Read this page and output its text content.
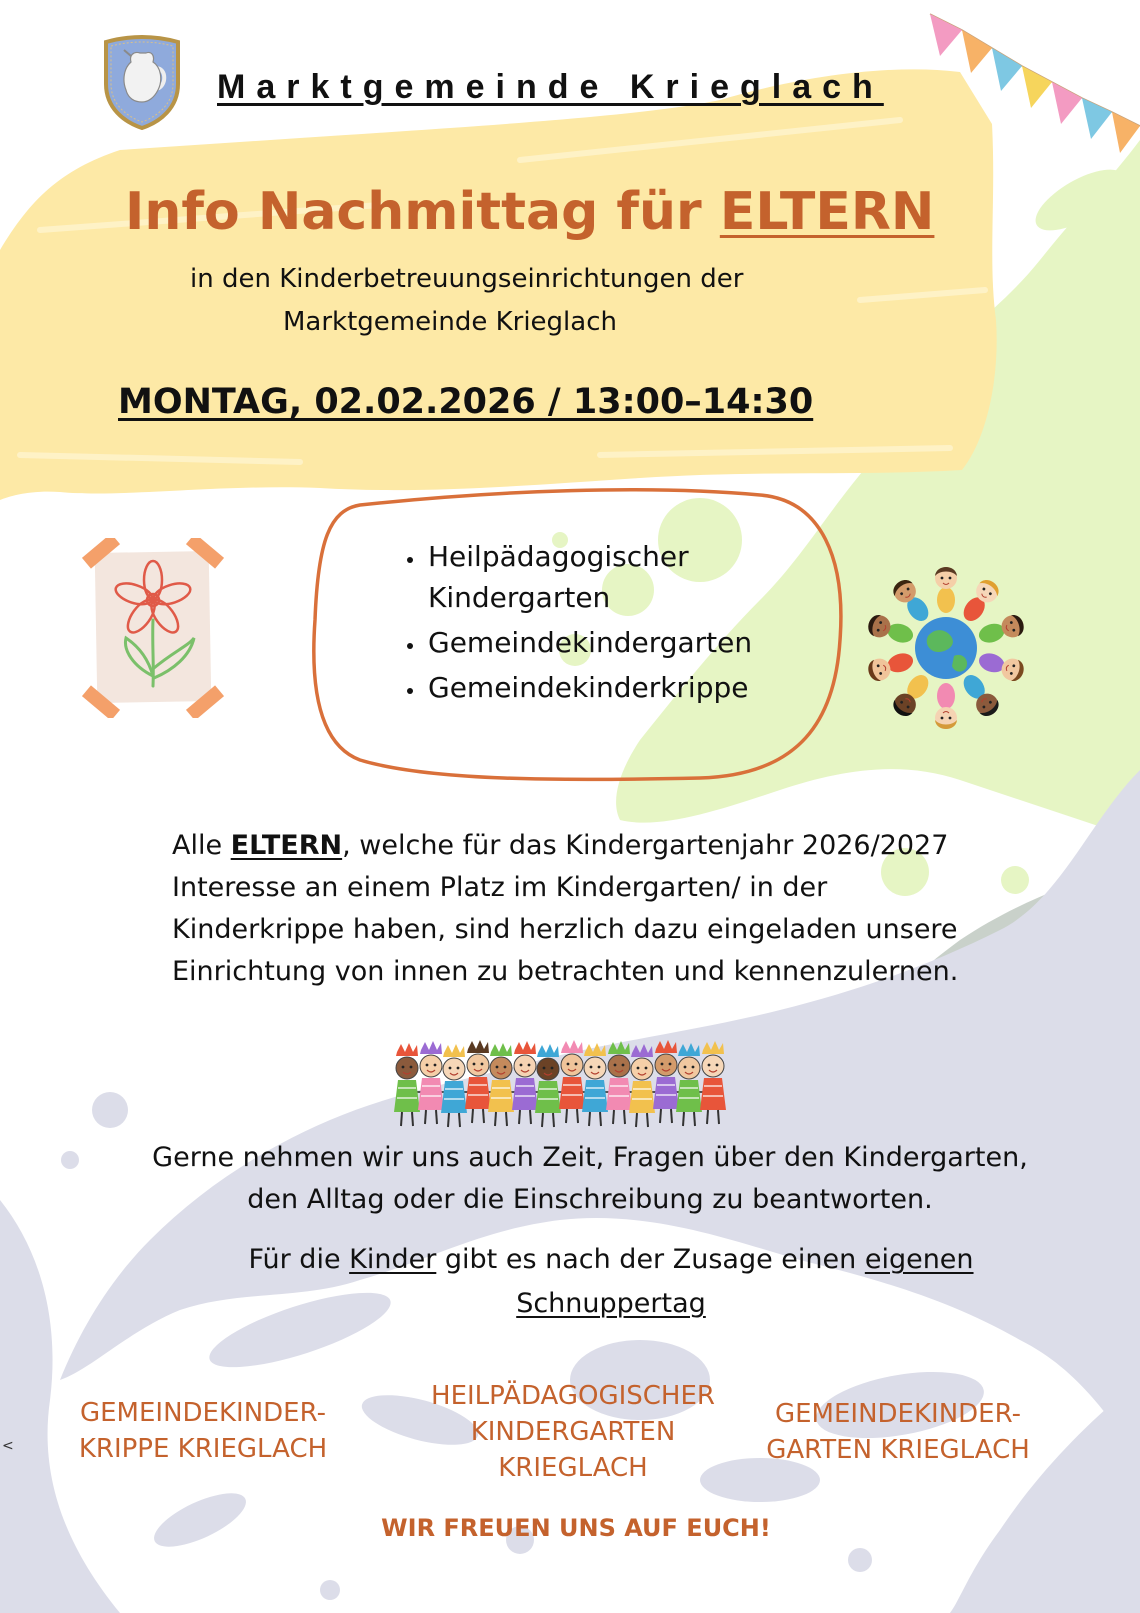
Marktgemeinde Krieglach
Info Nachmittag für ELTERN
in den Kinderbetreuungseinrichtungen der
Marktgemeinde Krieglach
MONTAG, 02.02.2026 / 13:00–14:30
• Heilpädagogischer Kindergarten
• Gemeindekindergarten
• Gemeindekinderkrippe
Alle ELTERN, welche für das Kindergartenjahr 2026/2027
Interesse an einem Platz im Kindergarten/ in der
Kinderkrippe haben, sind herzlich dazu eingeladen unsere
Einrichtung von innen zu betrachten und kennenzulernen.
Gerne nehmen wir uns auch Zeit, Fragen über den Kindergarten,
den Alltag oder die Einschreibung zu beantworten.
Für die Kinder gibt es nach der Zusage einen eigenen
Schnuppertag
<
GEMEINDEKINDER-
KRIPPE KRIEGLACH
HEILPÄDAGOGISCHER
KINDERGARTEN
KRIEGLACH
GEMEINDEKINDER-
GARTEN KRIEGLACH
WIR FREUEN UNS AUF EUCH!
